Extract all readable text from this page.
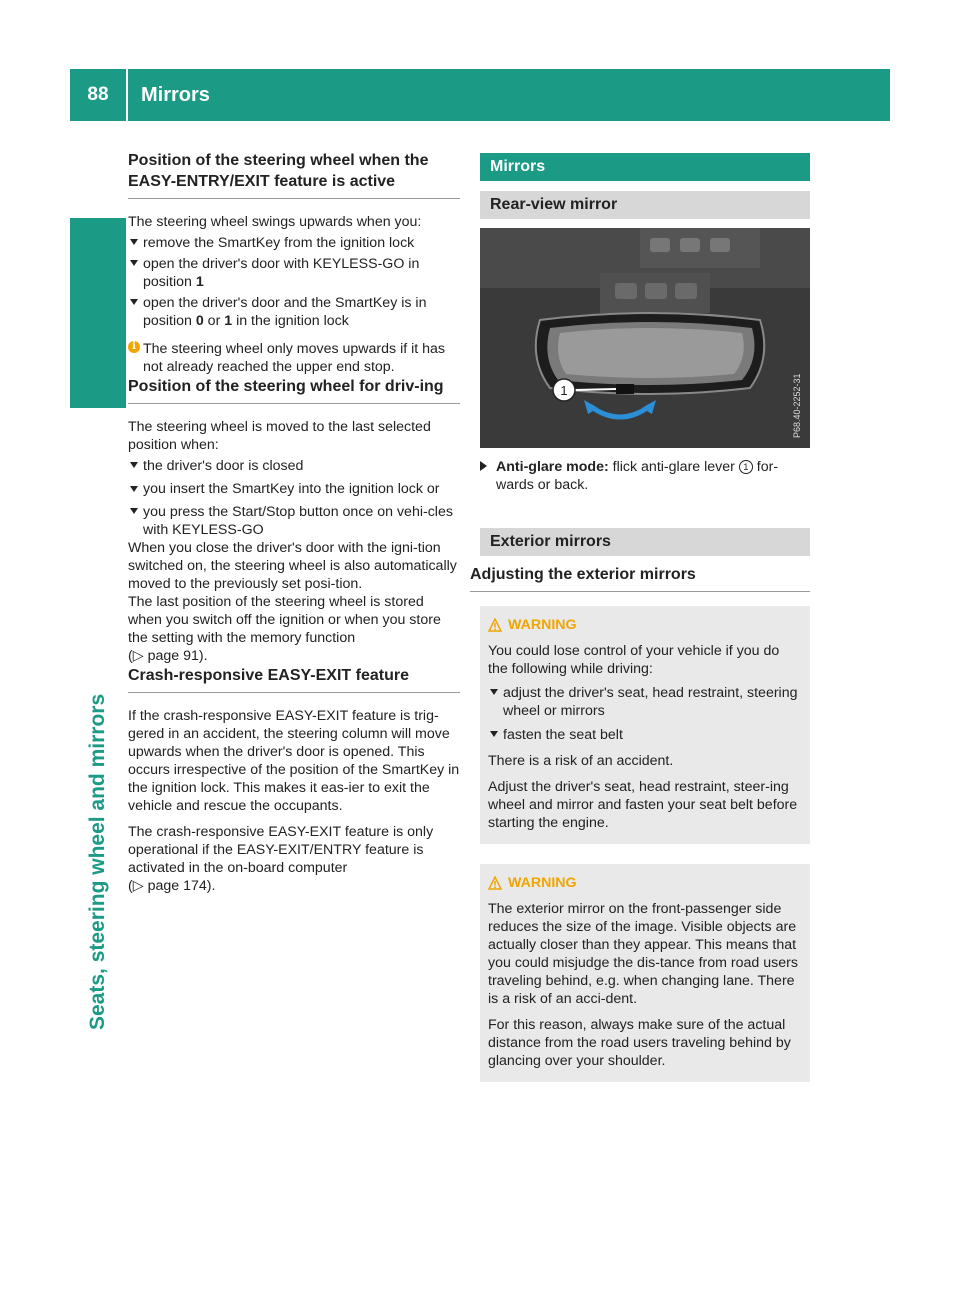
88	Mirrors
Seats, steering wheel and mirrors
Position of the steering wheel when the EASY-ENTRY/EXIT feature is active

The steering wheel swings upwards when you:

remove the SmartKey from the ignition lock
open the driver's door with KEYLESS-GO in position 1
open the driver's door and the SmartKey is in position 0 or 1 in the ignition lock
i The steering wheel only moves upwards if it has not already reached the upper end stop.
Position of the steering wheel for driv-ing

The steering wheel is moved to the last selected position when:

the driver's door is closed
you insert the SmartKey into the ignition lock or
you press the Start/Stop button once on vehi-cles with KEYLESS-GO

When you close the driver's door with the igni-tion switched on, the steering wheel is also automatically moved to the previously set posi-tion.

The last position of the steering wheel is stored when you switch off the ignition or when you store the setting with the memory function

(▷ page 91).

Crash-responsive EASY-EXIT feature

If the crash-responsive EASY-EXIT feature is trig-gered in an accident, the steering column will move upwards when the driver's door is opened. This occurs irrespective of the position of the SmartKey in the ignition lock. This makes it eas-ier to exit the vehicle and rescue the occupants.

The crash-responsive EASY-EXIT feature is only operational if the EASY-EXIT/ENTRY feature is activated in the on-board computer

(▷ page 174).

Mirrors
Rear-view mirror
1	P68.40-2252-31
Anti-glare mode: flick anti-glare lever 1 for-wards or back.
Exterior mirrors
Adjusting the exterior mirrors
WARNING

You could lose control of your vehicle if you do the following while driving:

adjust the driver's seat, head restraint, steering wheel or mirrors
fasten the seat belt

There is a risk of an accident.

Adjust the driver's seat, head restraint, steer-ing wheel and mirror and fasten your seat belt before starting the engine.

WARNING

The exterior mirror on the front-passenger side reduces the size of the image. Visible objects are actually closer than they appear. This means that you could misjudge the dis-tance from road users traveling behind, e.g. when changing lane. There is a risk of an acci-dent.

For this reason, always make sure of the actual distance from the road users traveling behind by glancing over your shoulder.
